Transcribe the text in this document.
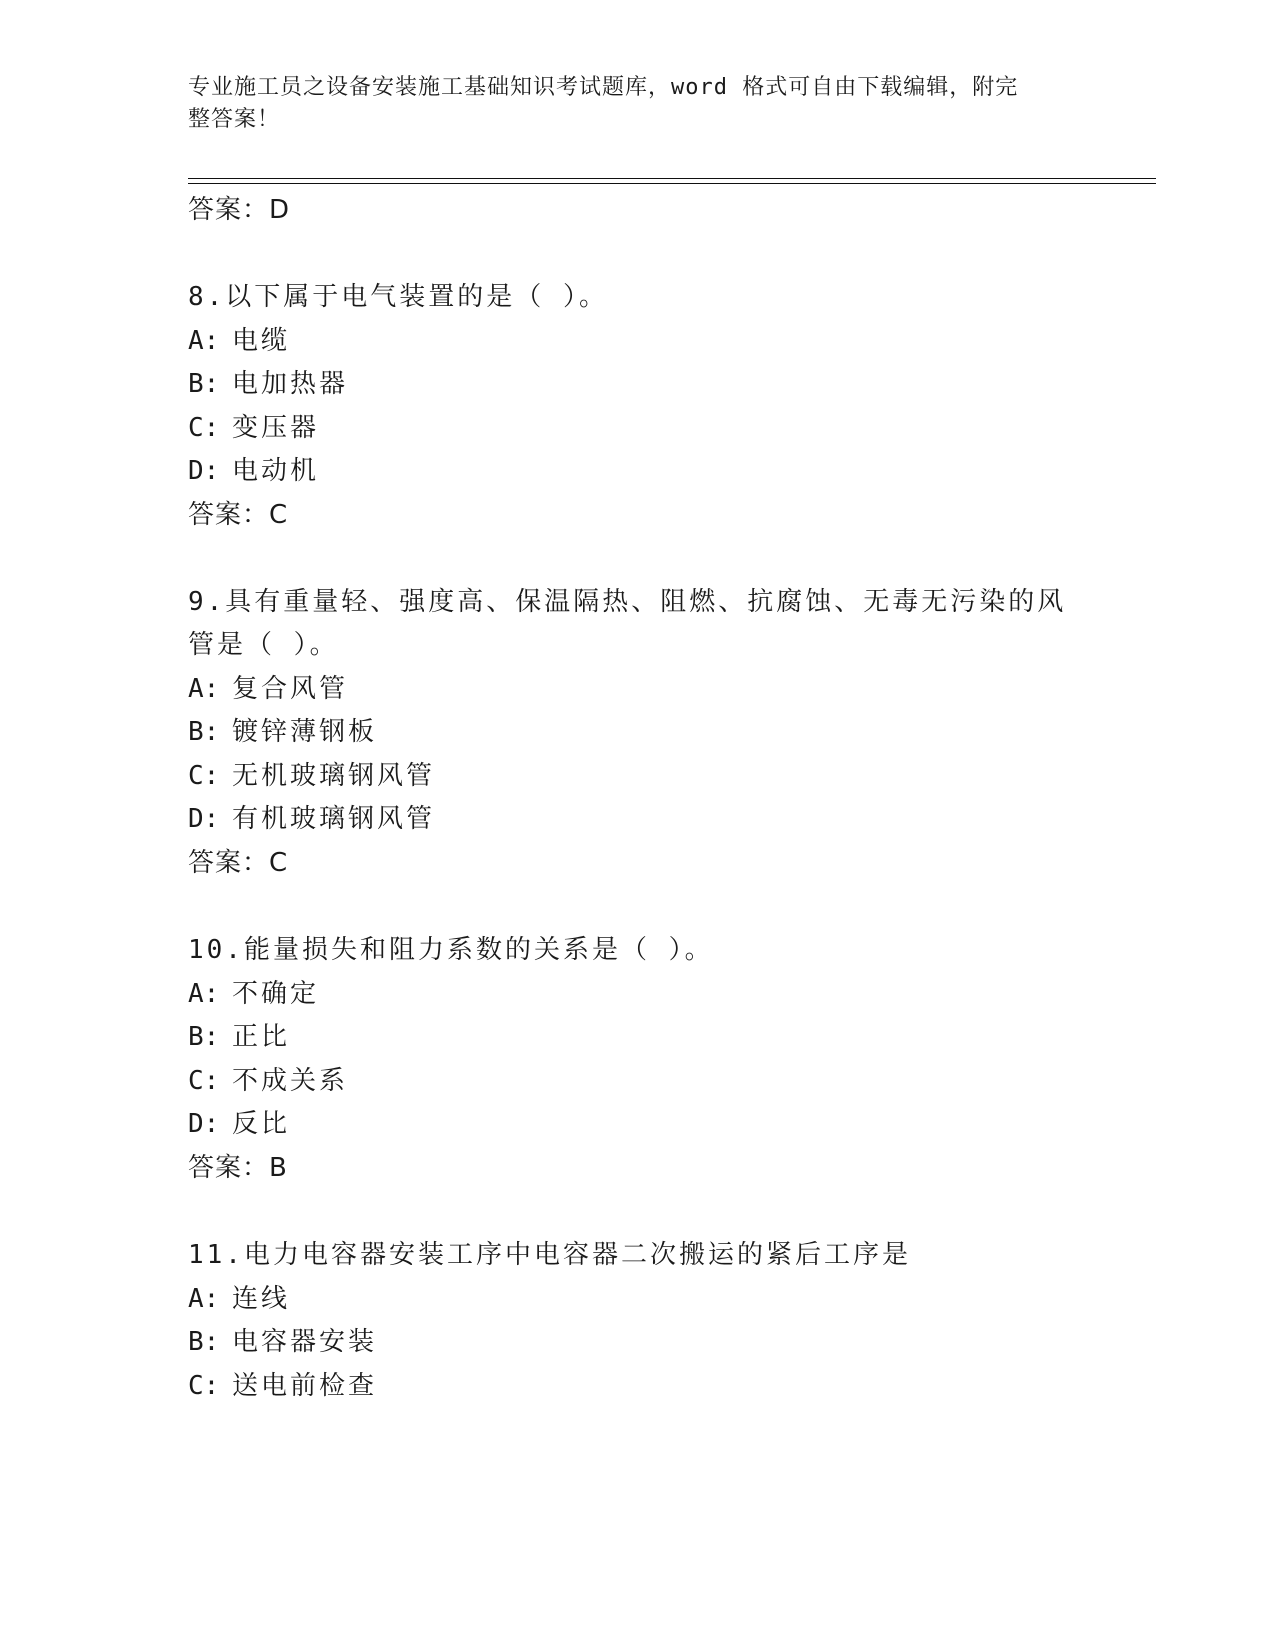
专业施工员之设备安装施工基础知识考试题库，word 格式可自由下载编辑，附完
整答案！
答案：D
8.以下属于电气装置的是（ ）。
A: 电缆
B: 电加热器
C: 变压器
D: 电动机
答案：C
9.具有重量轻、强度高、保温隔热、阻燃、抗腐蚀、无毒无污染的风
管是（ ）。
A: 复合风管
B: 镀锌薄钢板
C: 无机玻璃钢风管
D: 有机玻璃钢风管
答案：C
10.能量损失和阻力系数的关系是（ ）。
A: 不确定
B: 正比
C: 不成关系
D: 反比
答案：B
11.电力电容器安装工序中电容器二次搬运的紧后工序是
A: 连线
B: 电容器安装
C: 送电前检查
